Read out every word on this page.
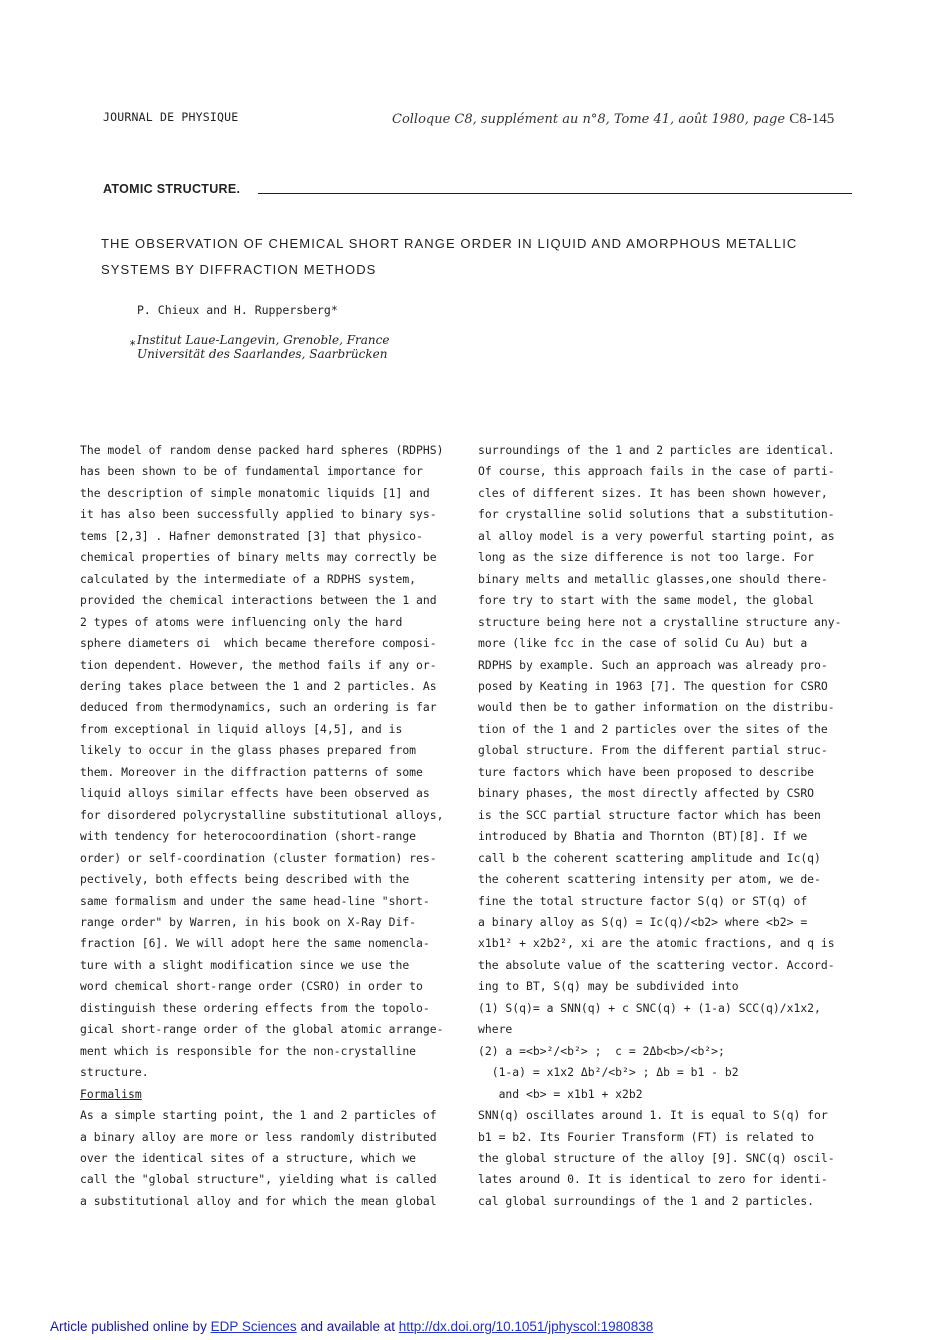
JOURNAL DE PHYSIQUE	Colloque C8, supplément au n°8, Tome 41, août 1980, page C8-145
ATOMIC STRUCTURE.
THE OBSERVATION OF CHEMICAL SHORT RANGE ORDER IN LIQUID AND AMORPHOUS METALLIC
SYSTEMS BY DIFFRACTION METHODS
P. Chieux and H. Ruppersberg*
* Institut Laue-Langevin, Grenoble, France
Universität des Saarlandes, Saarbrücken
The model of random dense packed hard spheres (RDPHS)
has been shown to be of fundamental importance for
the description of simple monatomic liquids [1] and
it has also been successfully applied to binary sys-
tems [2,3] . Hafner demonstrated [3] that physico-
chemical properties of binary melts may correctly be
calculated by the intermediate of a RDPHS system,
provided the chemical interactions between the 1 and
2 types of atoms were influencing only the hard
sphere diameters σi  which became therefore composi-
tion dependent. However, the method fails if any or-
dering takes place between the 1 and 2 particles. As
deduced from thermodynamics, such an ordering is far
from exceptional in liquid alloys [4,5], and is
likely to occur in the glass phases prepared from
them. Moreover in the diffraction patterns of some
liquid alloys similar effects have been observed as
for disordered polycrystalline substitutional alloys,
with tendency for heterocoordination (short-range
order) or self-coordination (cluster formation) res-
pectively, both effects being described with the
same formalism and under the same head-line "short-
range order" by Warren, in his book on X-Ray Dif-
fraction [6]. We will adopt here the same nomencla-
ture with a slight modification since we use the
word chemical short-range order (CSRO) in order to
distinguish these ordering effects from the topolo-
gical short-range order of the global atomic arrange-
ment which is responsible for the non-crystalline
structure.
Formalism
As a simple starting point, the 1 and 2 particles of
a binary alloy are more or less randomly distributed
over the identical sites of a structure, which we
call the "global structure", yielding what is called
a substitutional alloy and for which the mean global
surroundings of the 1 and 2 particles are identical.
Of course, this approach fails in the case of parti-
cles of different sizes. It has been shown however,
for crystalline solid solutions that a substitution-
al alloy model is a very powerful starting point, as
long as the size difference is not too large. For
binary melts and metallic glasses,one should there-
fore try to start with the same model, the global
structure being here not a crystalline structure any-
more (like fcc in the case of solid Cu Au) but a
RDPHS by example. Such an approach was already pro-
posed by Keating in 1963 [7]. The question for CSRO
would then be to gather information on the distribu-
tion of the 1 and 2 particles over the sites of the
global structure. From the different partial struc-
ture factors which have been proposed to describe
binary phases, the most directly affected by CSRO
is the SCC partial structure factor which has been
introduced by Bhatia and Thornton (BT)[8]. If we
call b the coherent scattering amplitude and Ic(q)
the coherent scattering intensity per atom, we de-
fine the total structure factor S(q) or ST(q) of
a binary alloy as S(q) = Ic(q)/<b2> where <b2> =
x1b1² + x2b2², xi are the atomic fractions, and q is
the absolute value of the scattering vector. Accord-
ing to BT, S(q) may be subdivided into
(1) S(q)= a SNN(q) + c SNC(q) + (1-a) SCC(q)/x1x2,
where
(2) a =<b>²/<b²> ;  c = 2Δb<b>/<b²>;
(1-a) = x1x2 Δb²/<b²> ; Δb = b1 - b2
and <b> = x1b1 + x2b2
SNN(q) oscillates around 1. It is equal to S(q) for
b1 = b2. Its Fourier Transform (FT) is related to
the global structure of the alloy [9]. SNC(q) oscil-
lates around 0. It is identical to zero for identi-
cal global surroundings of the 1 and 2 particles.
Article published online by EDP Sciences and available at http://dx.doi.org/10.1051/jphyscol:1980838
